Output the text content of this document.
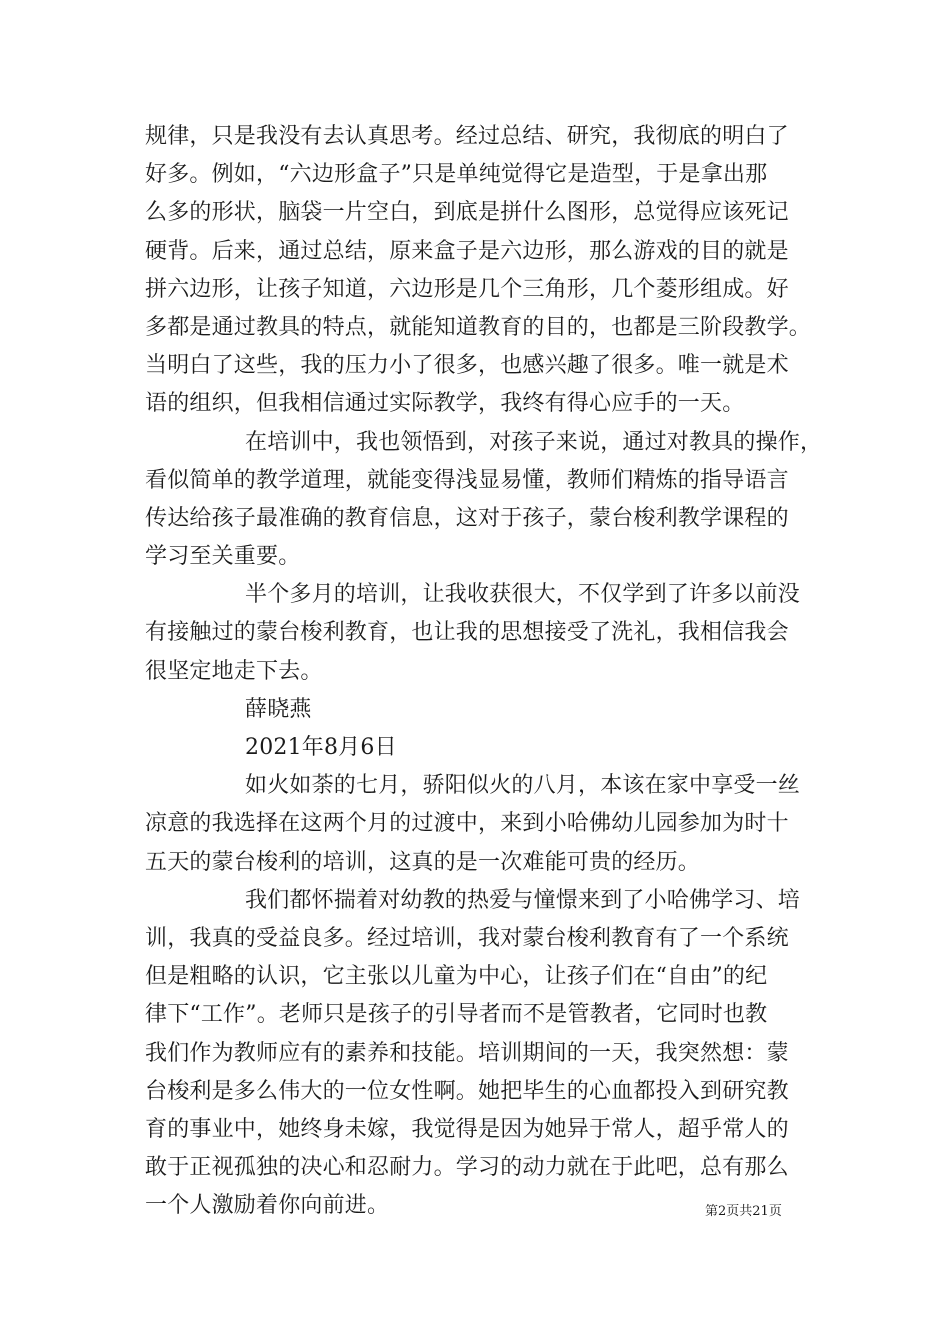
规律，只是我没有去认真思考。经过总结、研究，我彻底的明白了
好多。例如，“六边形盒子”只是单纯觉得它是造型，于是拿出那
么多的形状，脑袋一片空白，到底是拼什么图形，总觉得应该死记
硬背。后来，通过总结，原来盒子是六边形，那么游戏的目的就是
拼六边形，让孩子知道，六边形是几个三角形，几个菱形组成。好
多都是通过教具的特点，就能知道教育的目的，也都是三阶段教学。
当明白了这些，我的压力小了很多，也感兴趣了很多。唯一就是术
语的组织，但我相信通过实际教学，我终有得心应手的一天。
在培训中，我也领悟到，对孩子来说，通过对教具的操作，
看似简单的教学道理，就能变得浅显易懂，教师们精炼的指导语言
传达给孩子最准确的教育信息，这对于孩子，蒙台梭利教学课程的
学习至关重要。
半个多月的培训，让我收获很大，不仅学到了许多以前没
有接触过的蒙台梭利教育，也让我的思想接受了洗礼，我相信我会
很坚定地走下去。
薛晓燕
2021年8月6日
如火如荼的七月，骄阳似火的八月，本该在家中享受一丝
凉意的我选择在这两个月的过渡中，来到小哈佛幼儿园参加为时十
五天的蒙台梭利的培训，这真的是一次难能可贵的经历。
我们都怀揣着对幼教的热爱与憧憬来到了小哈佛学习、培
训，我真的受益良多。经过培训，我对蒙台梭利教育有了一个系统
但是粗略的认识，它主张以儿童为中心，让孩子们在“自由”的纪
律下“工作”。老师只是孩子的引导者而不是管教者，它同时也教
我们作为教师应有的素养和技能。培训期间的一天，我突然想：蒙
台梭利是多么伟大的一位女性啊。她把毕生的心血都投入到研究教
育的事业中，她终身未嫁，我觉得是因为她异于常人，超乎常人的
敢于正视孤独的决心和忍耐力。学习的动力就在于此吧，总有那么
一个人激励着你向前进。	第2页共21页
